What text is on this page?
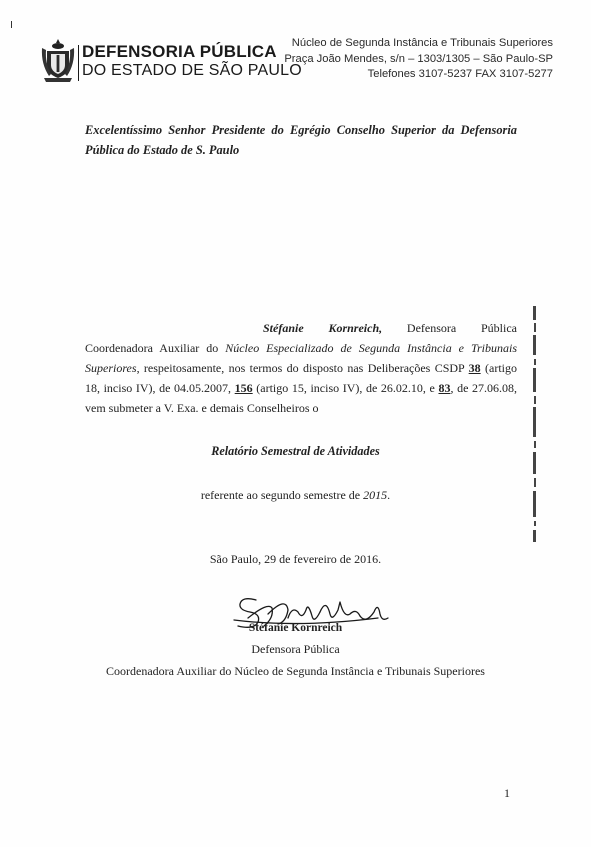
DEFENSORIA PÚBLICA
DO ESTADO DE SÃO PAULO
Núcleo de Segunda Instância e Tribunais Superiores
Praça João Mendes, s/n – 1303/1305 – São Paulo-SP
Telefones 3107-5237 FAX 3107-5277
Excelentíssimo Senhor Presidente do Egrégio Conselho Superior da Defensoria Pública do Estado de S. Paulo
Stéfanie Kornreich, Defensora Pública Coordenadora Auxiliar do Núcleo Especializado de Segunda Instância e Tribunais Superiores, respeitosamente, nos termos do disposto nas Deliberações CSDP 38 (artigo 18, inciso IV), de 04.05.2007, 156 (artigo 15, inciso IV), de 26.02.10, e 83, de 27.06.08, vem submeter a V. Exa. e demais Conselheiros o
Relatório Semestral de Atividades
referente ao segundo semestre de 2015.
São Paulo, 29 de fevereiro de 2016.
Stéfanie Kornreich
Defensora Pública
Coordenadora Auxiliar do Núcleo de Segunda Instância e Tribunais Superiores
1
